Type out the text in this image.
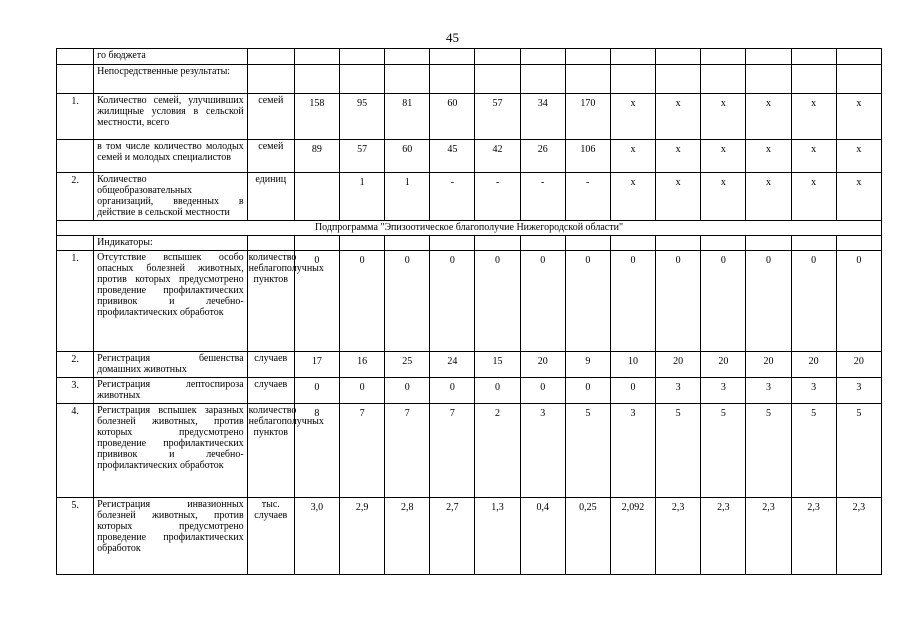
45
	го бюджета														
	Непосредственные результаты:														
1.	Количество семей, улучшивших жилищные условия в сельской местности, всего	семей	158	95	81	60	57	34	170	x	x	x	x	x	x
	в том числе количество молодых семей и молодых специалистов	семей	89	57	60	45	42	26	106	x	x	x	x	x	x
2.	Количество общеобразовательных организаций, введенных в действие в сельской местности	единиц		1	1	-	-	-	-	x	x	x	x	x	x
Подпрограмма "Эпизоотическое благополучие Нижегородской области"															
	Индикаторы:														
1.	Отсутствие вспышек особо опасных болезней животных, против которых предусмотрено проведение профилактических прививок и лечебно-профилактических обработок	количество неблагополучных пунктов	0	0	0	0	0	0	0	0	0	0	0	0	0
2.	Регистрация бешенства домашних животных	случаев	17	16	25	24	15	20	9	10	20	20	20	20	20
3.	Регистрация лептоспироза животных	случаев	0	0	0	0	0	0	0	0	3	3	3	3	3
4.	Регистрация вспышек заразных болезней животных, против которых предусмотрено проведение профилактических прививок и лечебно-профилактических обработок	количество неблагополучных пунктов	8	7	7	7	2	3	5	3	5	5	5	5	5
5.	Регистрация инвазионных болезней животных, против которых предусмотрено проведение профилактических обработок	тыс. случаев	3,0	2,9	2,8	2,7	1,3	0,4	0,25	2,092	2,3	2,3	2,3	2,3	2,3
